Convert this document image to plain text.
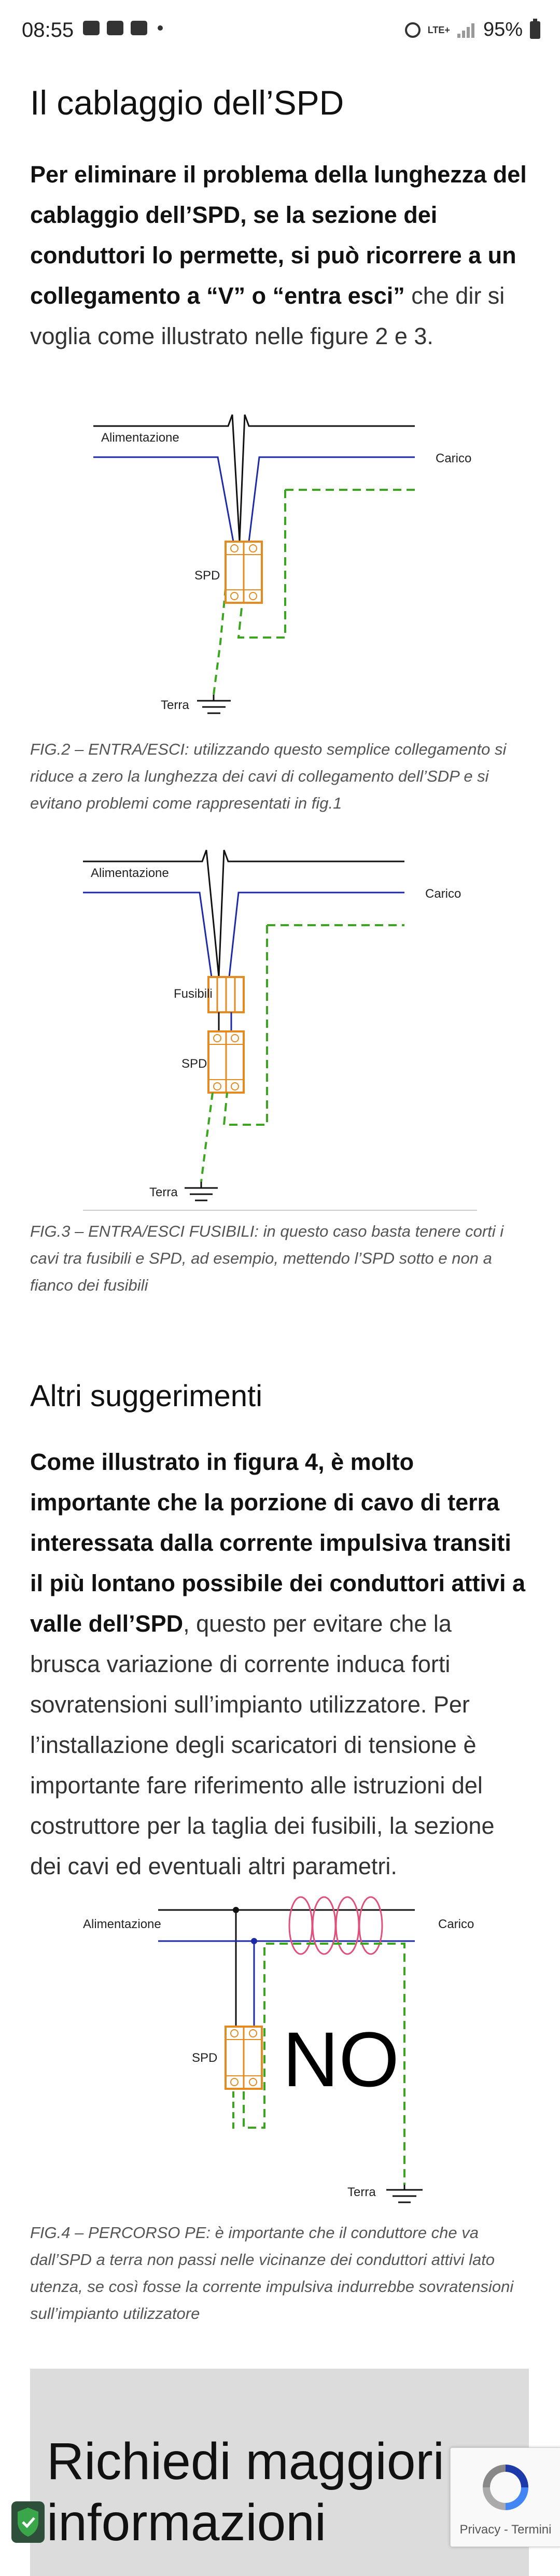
08:55	LTE+ 95%
Il cablaggio dell’SPD
Per eliminare il problema della lunghezza del cablaggio dell’SPD, se la sezione dei conduttori lo permette, si può ricorrere a un collegamento a “V” o “entra esci” che dir si voglia come illustrato nelle figure 2 e 3.
Alimentazione
Carico
SPD
Terra
FIG.2 – ENTRA/ESCI: utilizzando questo semplice collegamento si riduce a zero la lunghezza dei cavi di collegamento dell’SDP e si evitano problemi come rappresentati in fig.1
Alimentazione
Carico
Fusibili
SPD
Terra
FIG.3 – ENTRA/ESCI FUSIBILI: in questo caso basta tenere corti i cavi tra fusibili e SPD, ad esempio, mettendo l’SPD sotto e non a fianco dei fusibili
Altri suggerimenti
Come illustrato in figura 4, è molto importante che la porzione di cavo di terra interessata dalla corrente impulsiva transiti il più lontano possibile dei conduttori attivi a valle dell’SPD, questo per evitare che la brusca variazione di corrente induca forti sovratensioni sull’impianto utilizzatore. Per l’installazione degli scaricatori di tensione è importante fare riferimento alle istruzioni del costruttore per la taglia dei fusibili, la sezione dei cavi ed eventuali altri parametri.
Alimentazione	Carico
SPD NO
Terra
FIG.4 – PERCORSO PE: è importante che il conduttore che va dall’SPD a terra non passi nelle vicinanze dei conduttori attivi lato utenza, se così fosse la corrente impulsiva indurrebbe sovratensioni sull’impianto utilizzatore
Richiedi maggiori informazioni	Privacy - Termini
